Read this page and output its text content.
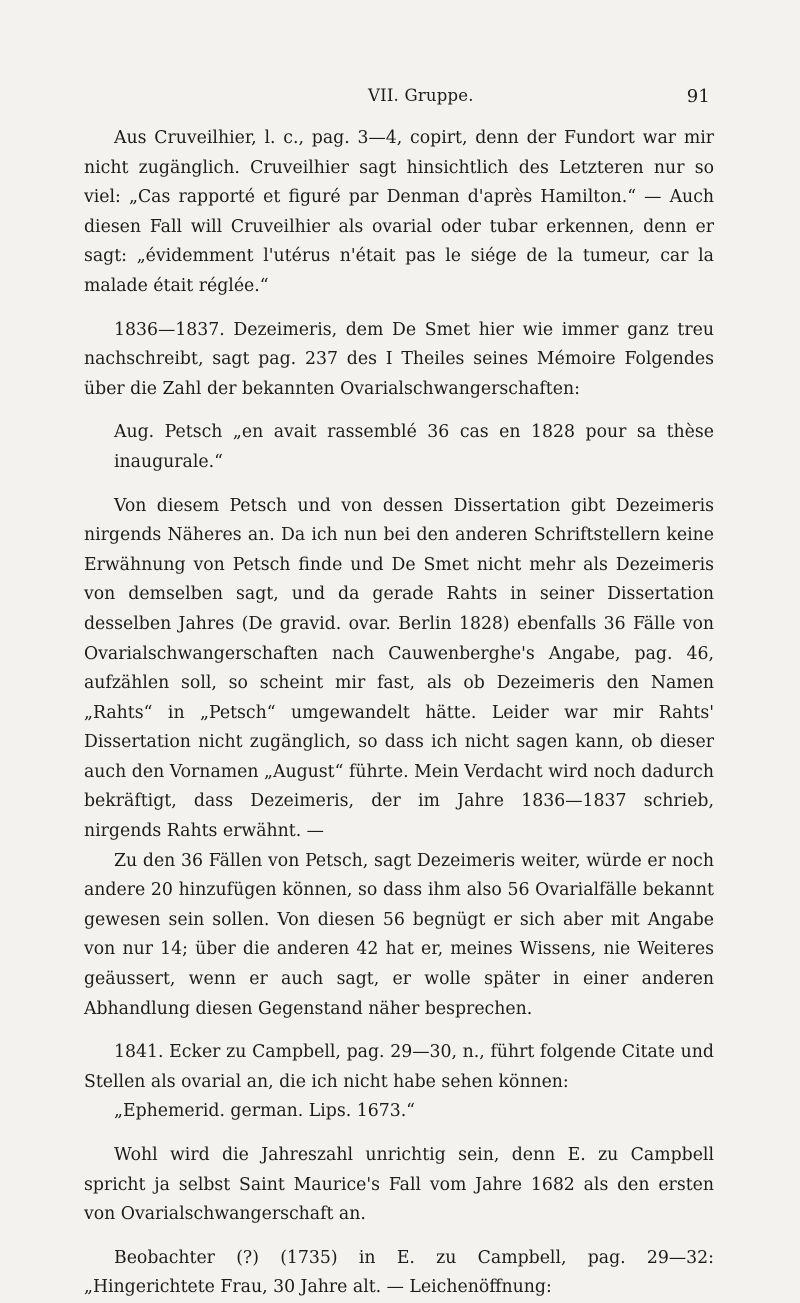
VII. Gruppe.	91

Aus Cruveilhier, l. c., pag. 3—4, copirt, denn der Fundort war mir nicht zugänglich. Cruveilhier sagt hinsichtlich des Letzteren nur so viel: „Cas rapporté et figuré par Denman d'après Hamilton.“ — Auch diesen Fall will Cruveilhier als ovarial oder tubar erkennen, denn er sagt: „évidemment l'utérus n'était pas le siége de la tumeur, car la malade était réglée.“

1836—1837. Dezeimeris, dem De Smet hier wie immer ganz treu nachschreibt, sagt pag. 237 des I Theiles seines Mémoire Folgendes über die Zahl der bekannten Ovarialschwangerschaften:

Aug. Petsch „en avait rassemblé 36 cas en 1828 pour sa thèse inaugurale.“

Von diesem Petsch und von dessen Dissertation gibt Dezeimeris nirgends Näheres an. Da ich nun bei den anderen Schriftstellern keine Erwähnung von Petsch finde und De Smet nicht mehr als Dezeimeris von demselben sagt, und da gerade Rahts in seiner Dissertation desselben Jahres (De gravid. ovar. Berlin 1828) ebenfalls 36 Fälle von Ovarialschwangerschaften nach Cauwenberghe's Angabe, pag. 46, aufzählen soll, so scheint mir fast, als ob Dezeimeris den Namen „Rahts“ in „Petsch“ umgewandelt hätte. Leider war mir Rahts' Dissertation nicht zugänglich, so dass ich nicht sagen kann, ob dieser auch den Vornamen „August“ führte. Mein Verdacht wird noch dadurch bekräftigt, dass Dezeimeris, der im Jahre 1836—1837 schrieb, nirgends Rahts erwähnt. —

Zu den 36 Fällen von Petsch, sagt Dezeimeris weiter, würde er noch andere 20 hinzufügen können, so dass ihm also 56 Ovarialfälle bekannt gewesen sein sollen. Von diesen 56 begnügt er sich aber mit Angabe von nur 14; über die anderen 42 hat er, meines Wissens, nie Weiteres geäussert, wenn er auch sagt, er wolle später in einer anderen Abhandlung diesen Gegenstand näher besprechen.

1841. Ecker zu Campbell, pag. 29—30, n., führt folgende Citate und Stellen als ovarial an, die ich nicht habe sehen können:

„Ephemerid. german. Lips. 1673.“

Wohl wird die Jahreszahl unrichtig sein, denn E. zu Campbell spricht ja selbst Saint Maurice's Fall vom Jahre 1682 als den ersten von Ovarialschwangerschaft an.

Beobachter (?) (1735) in E. zu Campbell, pag. 29—32: „Hingerichtete Frau, 30 Jahre alt. — Leichenöffnung:
